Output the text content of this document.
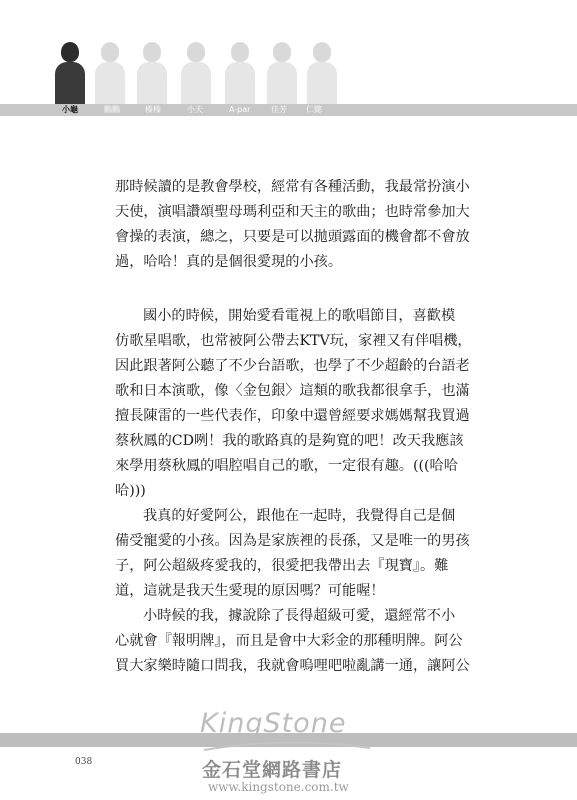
小龜	鵬鵬	榛榛	小夫	A-par	佳芳 仁懿
那時候讀的是教會學校，經常有各種活動，我最常扮演小
天使，演唱讚頌聖母瑪利亞和天主的歌曲；也時常參加大
會操的表演，總之，只要是可以拋頭露面的機會都不會放
過，哈哈！真的是個很愛現的小孩。
國小的時候，開始愛看電視上的歌唱節目，喜歡模
仿歌星唱歌，也常被阿公帶去KTV玩，家裡又有伴唱機，
因此跟著阿公聽了不少台語歌，也學了不少超齡的台語老
歌和日本演歌，像〈金包銀〉這類的歌我都很拿手，也滿
擅長陳雷的一些代表作，印象中還曾經要求媽媽幫我買過
蔡秋鳳的CD咧！我的歌路真的是夠寬的吧！改天我應該
來學用蔡秋鳳的唱腔唱自己的歌，一定很有趣。(((哈哈
哈)))
我真的好愛阿公，跟他在一起時，我覺得自己是個
備受寵愛的小孩。因為是家族裡的長孫，又是唯一的男孩
子，阿公超級疼愛我的，很愛把我帶出去『現寶』。難
道，這就是我天生愛現的原因嗎？可能喔！
小時候的我，據說除了長得超級可愛，還經常不小
心就會『報明牌』，而且是會中大彩金的那種明牌。阿公
買大家樂時隨口問我，我就會嗚哩吧啦亂講一通，讓阿公
038
KingStone
金石堂網路書店
www.kingstone.com.tw
